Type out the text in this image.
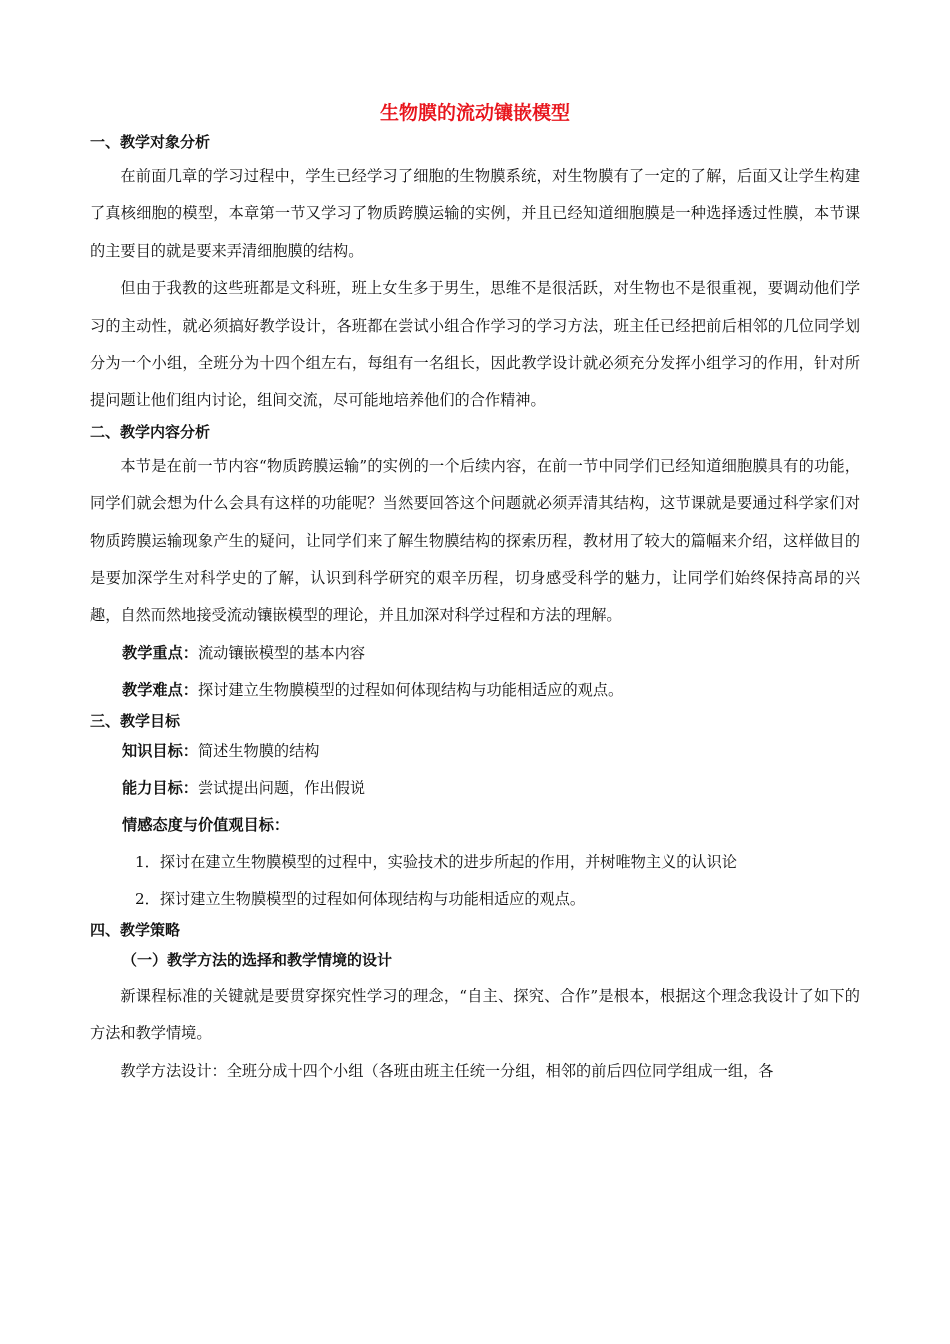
生物膜的流动镶嵌模型
一、教学对象分析

在前面几章的学习过程中，学生已经学习了细胞的生物膜系统，对生物膜有了一定的了解，后面又让学生构建了真核细胞的模型，本章第一节又学习了物质跨膜运输的实例，并且已经知道细胞膜是一种选择透过性膜，本节课的主要目的就是要来弄清细胞膜的结构。

但由于我教的这些班都是文科班，班上女生多于男生，思维不是很活跃，对生物也不是很重视，要调动他们学习的主动性，就必须搞好教学设计，各班都在尝试小组合作学习的学习方法，班主任已经把前后相邻的几位同学划分为一个小组，全班分为十四个组左右，每组有一名组长，因此教学设计就必须充分发挥小组学习的作用，针对所提问题让他们组内讨论，组间交流，尽可能地培养他们的合作精神。

二、教学内容分析

本节是在前一节内容“物质跨膜运输”的实例的一个后续内容，在前一节中同学们已经知道细胞膜具有的功能，同学们就会想为什么会具有这样的功能呢？当然要回答这个问题就必须弄清其结构，这节课就是要通过科学家们对物质跨膜运输现象产生的疑问，让同学们来了解生物膜结构的探索历程，教材用了较大的篇幅来介绍，这样做目的是要加深学生对科学史的了解，认识到科学研究的艰辛历程，切身感受科学的魅力，让同学们始终保持高昂的兴趣，自然而然地接受流动镶嵌模型的理论，并且加深对科学过程和方法的理解。

教学重点：流动镶嵌模型的基本内容
教学难点：探讨建立生物膜模型的过程如何体现结构与功能相适应的观点。
三、教学目标
知识目标：简述生物膜的结构
能力目标：尝试提出问题，作出假说
情感态度与价值观目标：
1．探讨在建立生物膜模型的过程中，实验技术的进步所起的作用，并树唯物主义的认识论
2．探讨建立生物膜模型的过程如何体现结构与功能相适应的观点。
四、教学策略
（一）教学方法的选择和教学情境的设计

新课程标准的关键就是要贯穿探究性学习的理念，“自主、探究、合作”是根本，根据这个理念我设计了如下的方法和教学情境。

教学方法设计：全班分成十四个小组（各班由班主任统一分组，相邻的前后四位同学组成一组，各
